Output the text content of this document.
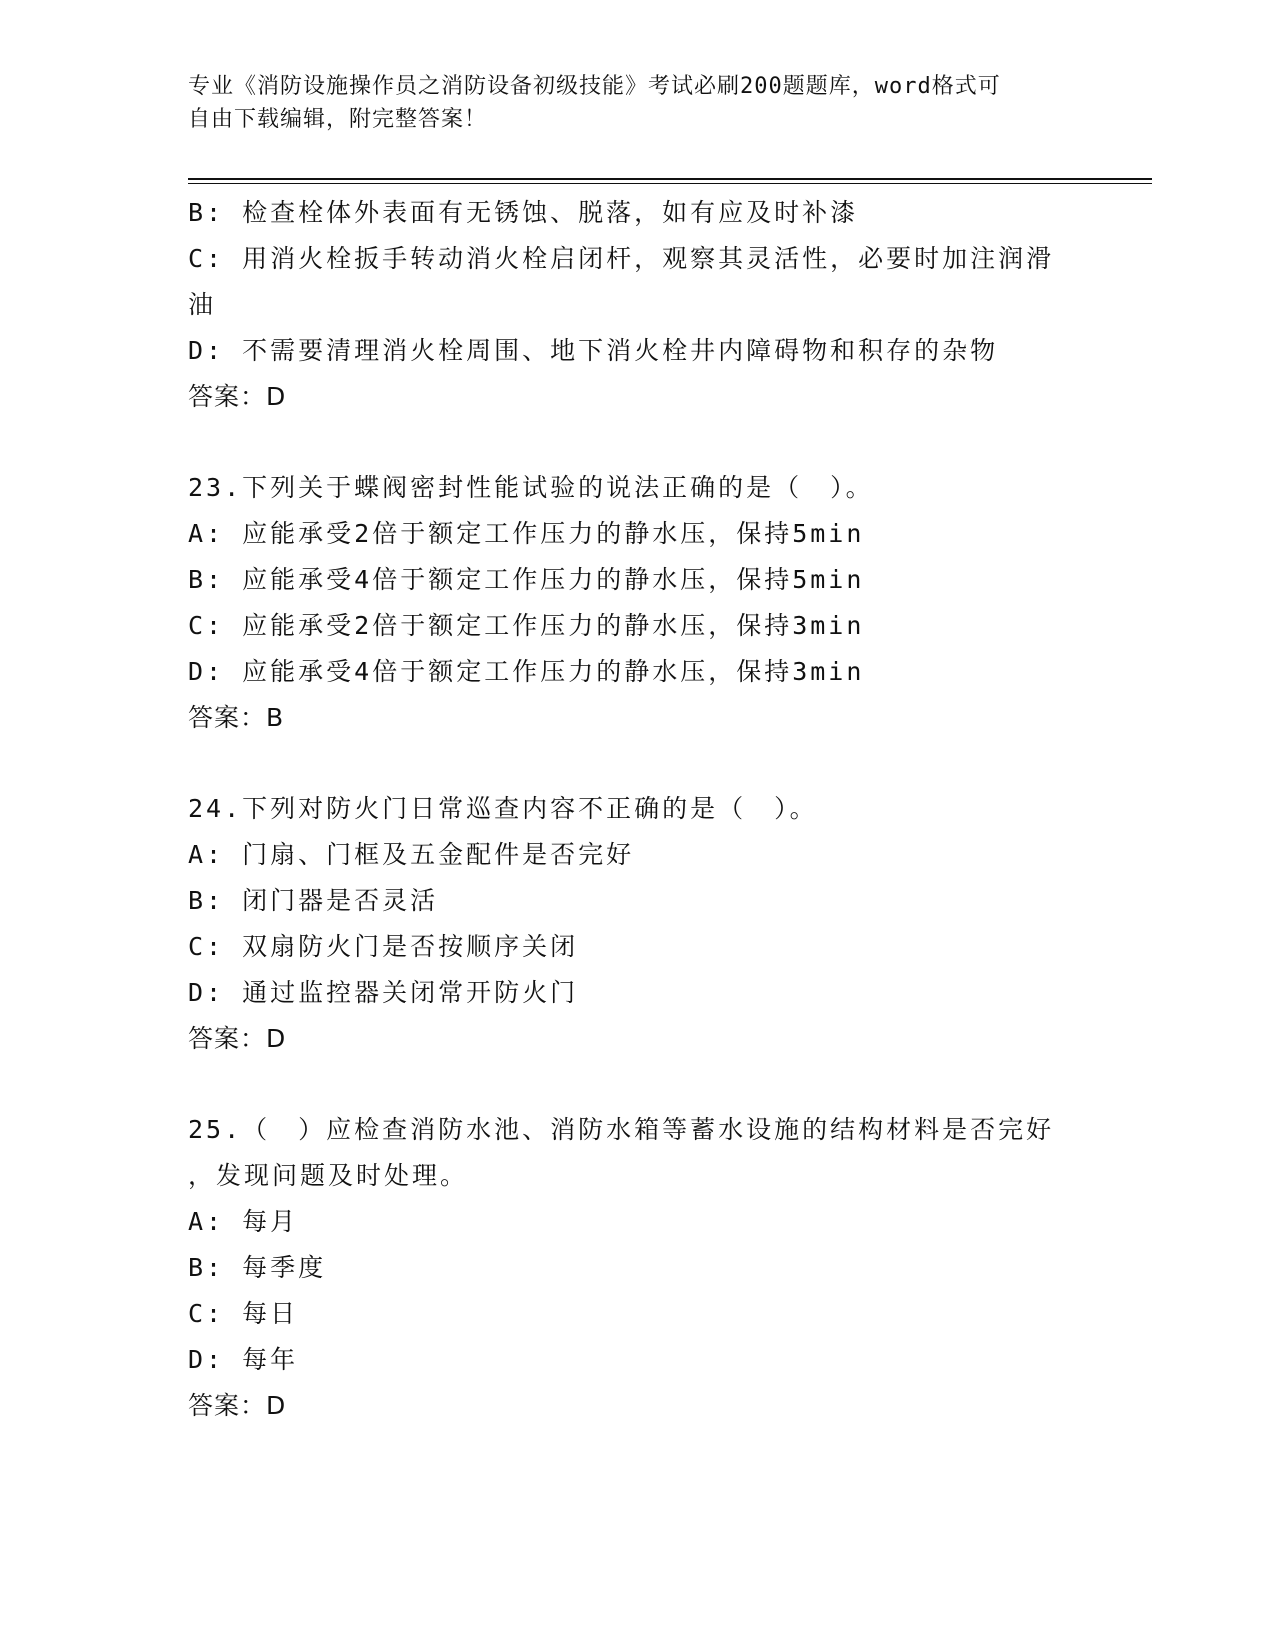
专业《消防设施操作员之消防设备初级技能》考试必刷200题题库，word格式可
自由下载编辑，附完整答案！
B: 检查栓体外表面有无锈蚀、脱落，如有应及时补漆
C: 用消火栓扳手转动消火栓启闭杆，观察其灵活性，必要时加注润滑
油
D: 不需要清理消火栓周围、地下消火栓井内障碍物和积存的杂物
答案：D
23.下列关于蝶阀密封性能试验的说法正确的是（　）。
A: 应能承受2倍于额定工作压力的静水压，保持5min
B: 应能承受4倍于额定工作压力的静水压，保持5min
C: 应能承受2倍于额定工作压力的静水压，保持3min
D: 应能承受4倍于额定工作压力的静水压，保持3min
答案：B
24.下列对防火门日常巡查内容不正确的是（　）。
A: 门扇、门框及五金配件是否完好
B: 闭门器是否灵活
C: 双扇防火门是否按顺序关闭
D: 通过监控器关闭常开防火门
答案：D
25.（　）应检查消防水池、消防水箱等蓄水设施的结构材料是否完好
，发现问题及时处理。
A: 每月
B: 每季度
C: 每日
D: 每年
答案：D
